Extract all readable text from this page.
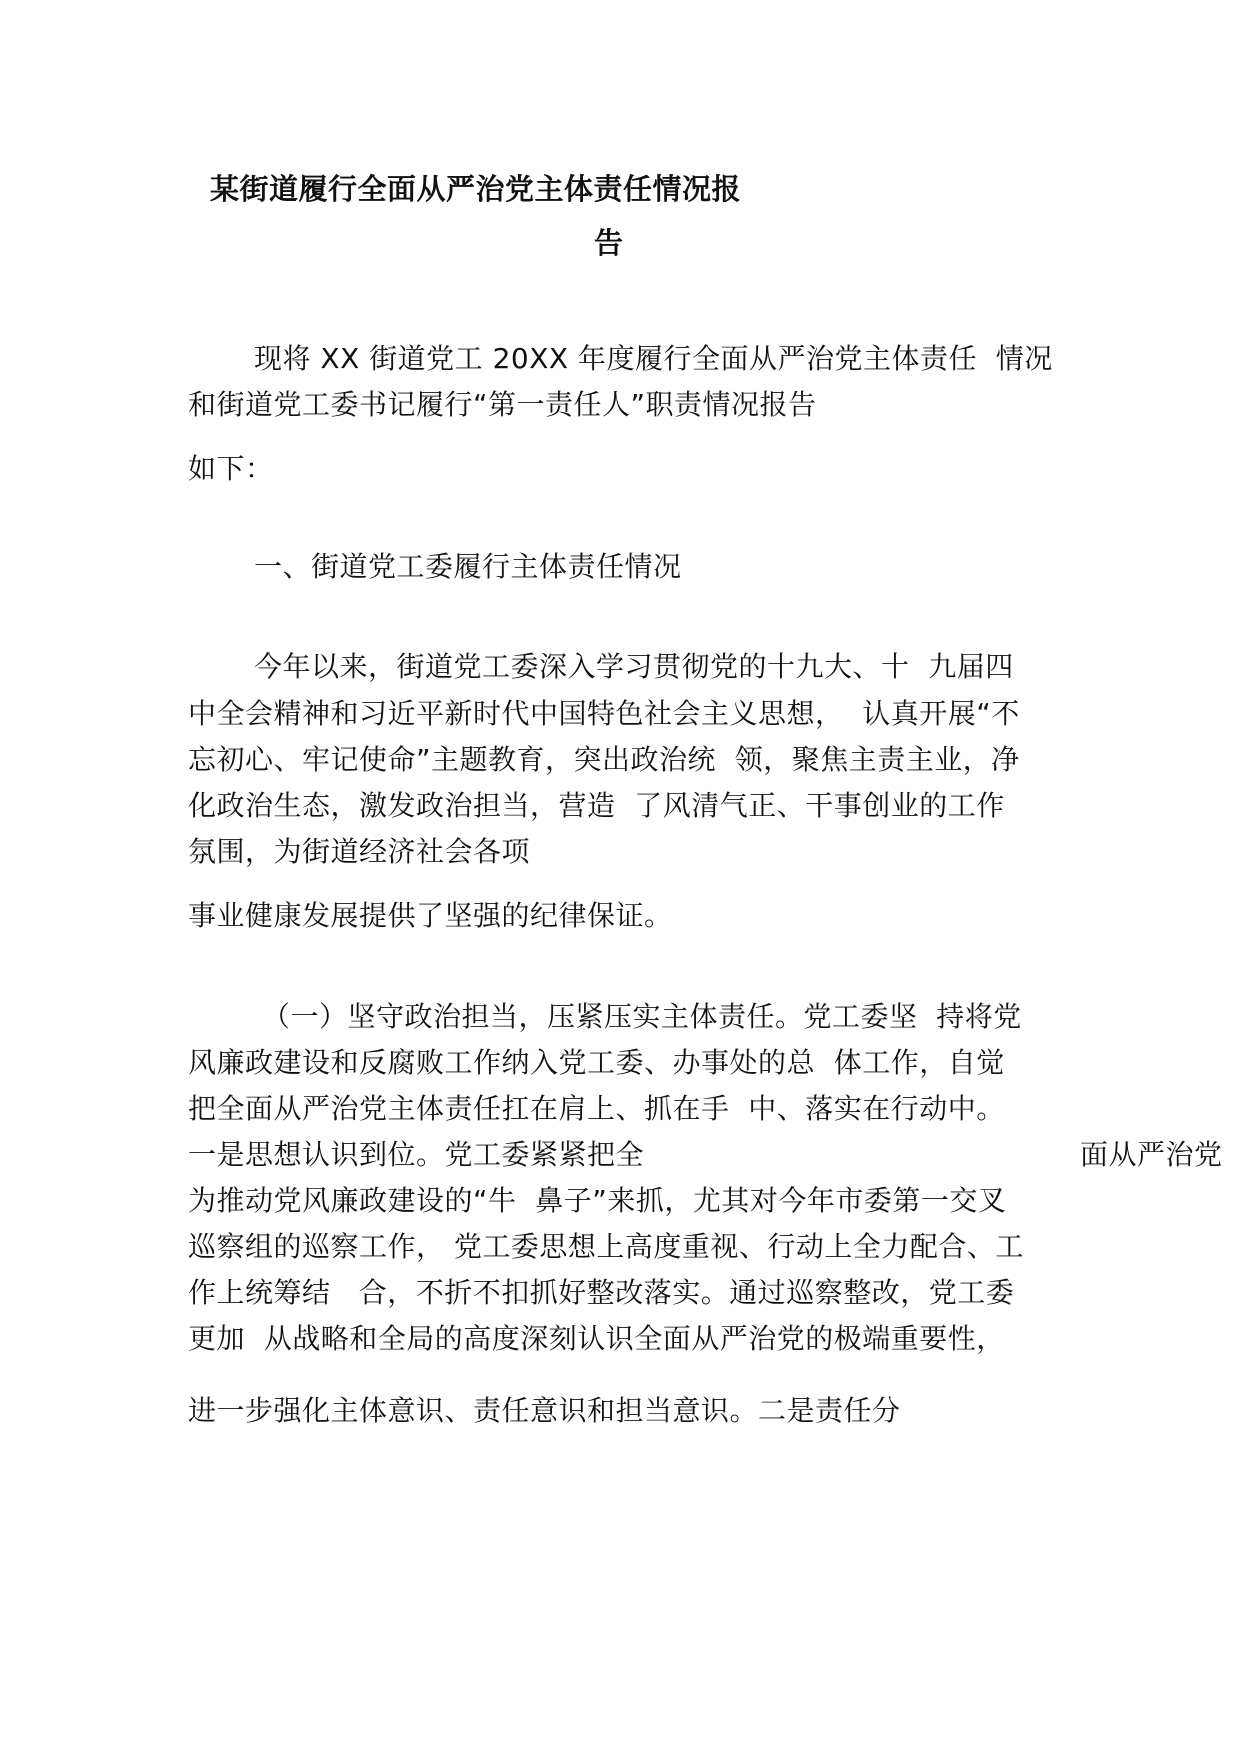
某街道履行全面从严治党主体责任情况报
告
现将 XX 街道党工 20XX 年度履行全面从严治党主体责任  情况
和街道党工委书记履行“第一责任人”职责情况报告
如下：
一、街道党工委履行主体责任情况
今年以来，街道党工委深入学习贯彻党的十九大、十  九届四
中全会精神和习近平新时代中国特色社会主义思想，  认真开展“不
忘初心、牢记使命”主题教育，突出政治统  领，聚焦主责主业，净
化政治生态，激发政治担当，营造  了风清气正、干事创业的工作
氛围，为街道经济社会各项
事业健康发展提供了坚强的纪律保证。
（一）坚守政治担当，压紧压实主体责任。党工委坚  持将党
风廉政建设和反腐败工作纳入党工委、办事处的总  体工作，自觉
把全面从严治党主体责任扛在肩上、抓在手  中、落实在行动中。
一是思想认识到位。党工委紧紧把全	面从严治党
为推动党风廉政建设的“牛  鼻子”来抓，尤其对今年市委第一交叉
巡察组的巡察工作， 党工委思想上高度重视、行动上全力配合、工
作上统筹结   合，不折不扣抓好整改落实。通过巡察整改，党工委
更加  从战略和全局的高度深刻认识全面从严治党的极端重要性，
进一步强化主体意识、责任意识和担当意识。二是责任分
